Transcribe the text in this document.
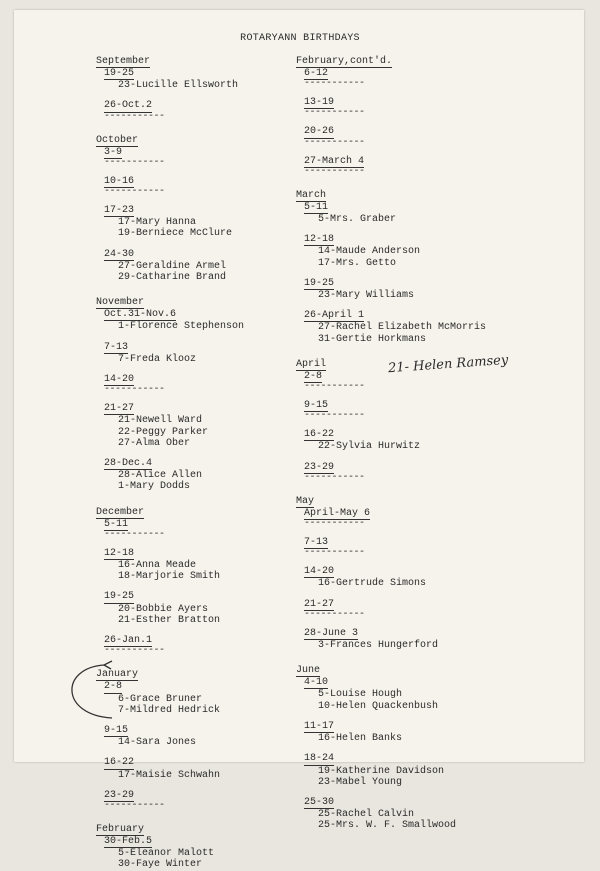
ROTARYANN BIRTHDAYS
September
19-25
23-Lucille Ellsworth
26-Oct.2
-----------
October
3-9
-----------
10-16
-----------
17-23
17-Mary Hanna
19-Berniece McClure
24-30
27-Geraldine Armel
29-Catharine Brand
November
Oct.31-Nov.6
1-Florence Stephenson
7-13
7-Freda Klooz
14-20
-----------
21-27
21-Newell Ward
22-Peggy Parker
27-Alma Ober
28-Dec.4
28-Alice Allen
1-Mary Dodds
December
5-11
-----------
12-18
16-Anna Meade
18-Marjorie Smith
19-25
20-Bobbie Ayers
21-Esther Bratton
26-Jan.1
-----------
January
2-8
6-Grace Bruner
7-Mildred Hedrick
9-15
14-Sara Jones
16-22
17-Maisie Schwahn
23-29
-----------
February
30-Feb.5
5-Eleanor Malott
30-Faye Winter
February,cont'd.
6-12
-----------
13-19
-----------
20-26
-----------
27-March 4
-----------
March
5-11
5-Mrs. Graber
12-18
14-Maude Anderson
17-Mrs. Getto
19-25
23-Mary Williams
26-April 1
27-Rachel Elizabeth McMorris
31-Gertie Horkmans
April
2-8
-----------
9-15
-----------
16-22
22-Sylvia Hurwitz
23-29
-----------
May
April-May 6
-----------
7-13
-----------
14-20
16-Gertrude Simons
21-27
-----------
28-June 3
3-Frances Hungerford
June
4-10
5-Louise Hough
10-Helen Quackenbush
11-17
16-Helen Banks
18-24
19-Katherine Davidson
23-Mabel Young
25-30
25-Rachel Calvin
25-Mrs. W. F. Smallwood
21- Helen Ramsey
